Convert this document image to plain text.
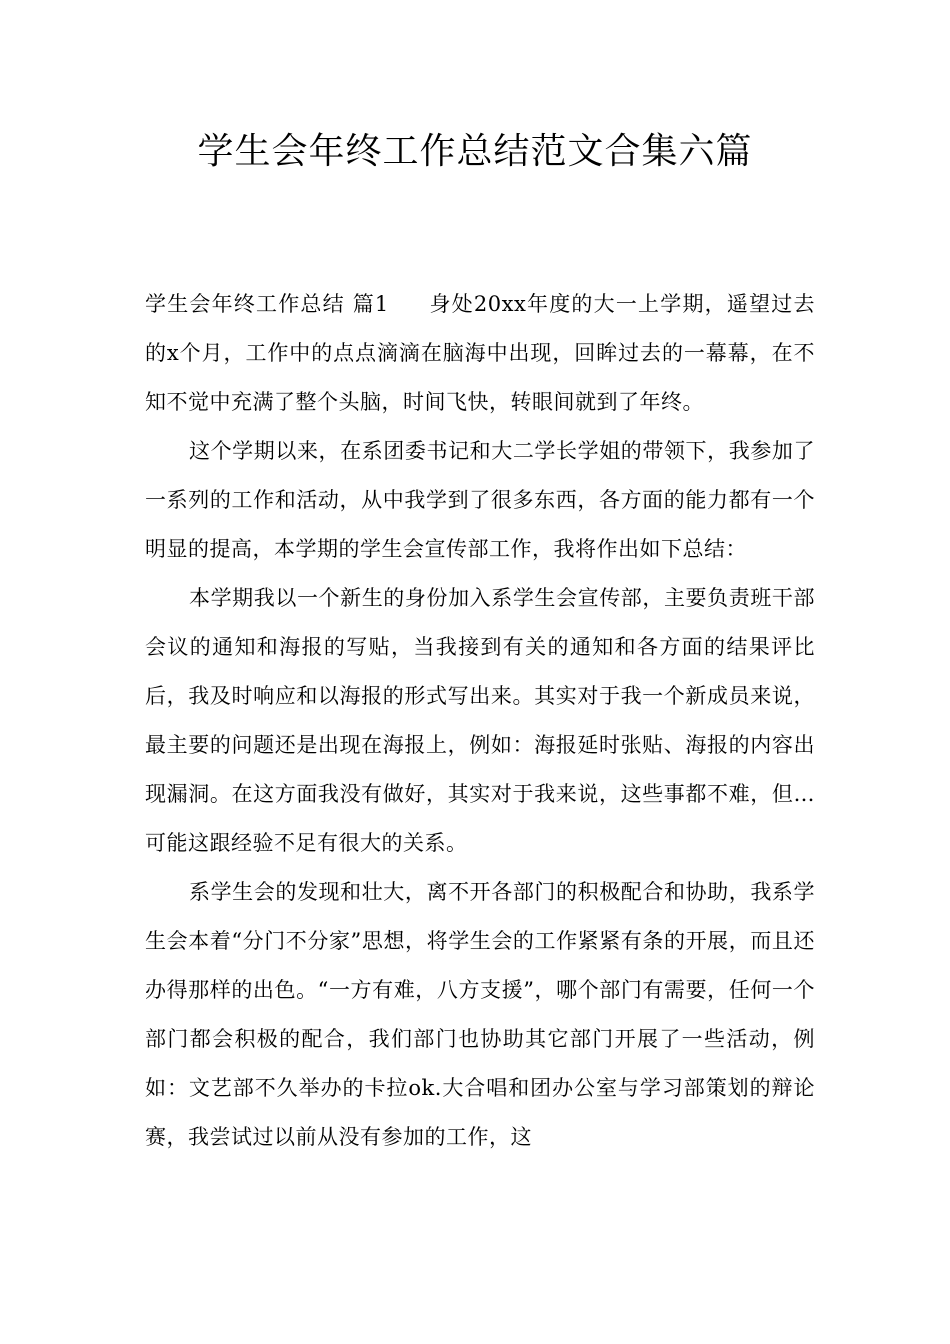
学生会年终工作总结范文合集六篇

学生会年终工作总结 篇1 身处20xx年度的大一上学期，遥望过去的x个月，工作中的点点滴滴在脑海中出现，回眸过去的一幕幕，在不知不觉中充满了整个头脑，时间飞快，转眼间就到了年终。

这个学期以来，在系团委书记和大二学长学姐的带领下，我参加了一系列的工作和活动，从中我学到了很多东西，各方面的能力都有一个明显的提高，本学期的学生会宣传部工作，我将作出如下总结：

本学期我以一个新生的身份加入系学生会宣传部，主要负责班干部会议的通知和海报的写贴，当我接到有关的通知和各方面的结果评比后，我及时响应和以海报的形式写出来。其实对于我一个新成员来说，最主要的问题还是出现在海报上，例如：海报延时张贴、海报的内容出现漏洞。在这方面我没有做好，其实对于我来说，这些事都不难，但…可能这跟经验不足有很大的关系。

系学生会的发现和壮大，离不开各部门的积极配合和协助，我系学生会本着“分门不分家”思想，将学生会的工作紧紧有条的开展，而且还办得那样的出色。“一方有难，八方支援”，哪个部门有需要，任何一个部门都会积极的配合，我们部门也协助其它部门开展了一些活动，例如：文艺部不久举办的卡拉ok.大合唱和团办公室与学习部策划的辩论赛，我尝试过以前从没有参加的工作，这
